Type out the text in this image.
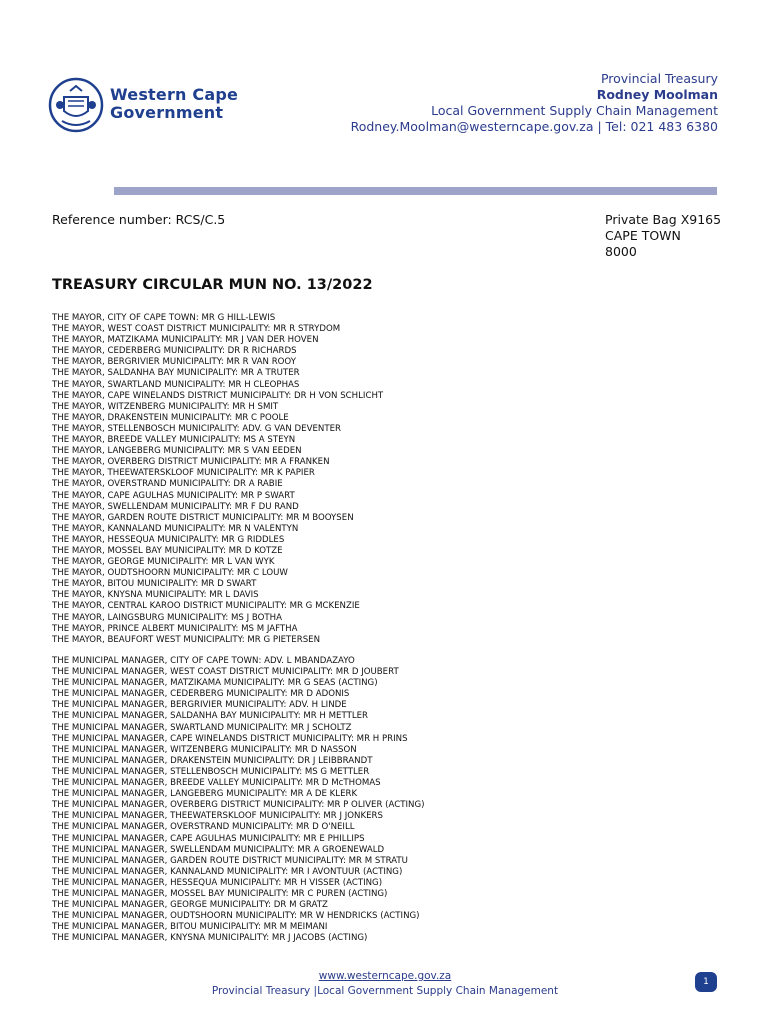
Western Cape
Government
Provincial Treasury
Rodney Moolman
Local Government Supply Chain Management
Rodney.Moolman@westerncape.gov.za | Tel: 021 483 6380
Reference number: RCS/C.5	Private Bag X9165
CAPE TOWN
8000
TREASURY CIRCULAR MUN NO. 13/2022
THE MAYOR, CITY OF CAPE TOWN: MR G HILL-LEWIS
THE MAYOR, WEST COAST DISTRICT MUNICIPALITY: MR R STRYDOM
THE MAYOR, MATZIKAMA MUNICIPALITY: MR J VAN DER HOVEN
THE MAYOR, CEDERBERG MUNICIPALITY: DR R RICHARDS
THE MAYOR, BERGRIVIER MUNICIPALITY: MR R VAN ROOY
THE MAYOR, SALDANHA BAY MUNICIPALITY: MR A TRUTER
THE MAYOR, SWARTLAND MUNICIPALITY: MR H CLEOPHAS
THE MAYOR, CAPE WINELANDS DISTRICT MUNICIPALITY: DR H VON SCHLICHT
THE MAYOR, WITZENBERG MUNICIPALITY: MR H SMIT
THE MAYOR, DRAKENSTEIN MUNICIPALITY: MR C POOLE
THE MAYOR, STELLENBOSCH MUNICIPALITY: ADV. G VAN DEVENTER
THE MAYOR, BREEDE VALLEY MUNICIPALITY: MS A STEYN
THE MAYOR, LANGEBERG MUNICIPALITY: MR S VAN EEDEN
THE MAYOR, OVERBERG DISTRICT MUNICIPALITY: MR A FRANKEN
THE MAYOR, THEEWATERSKLOOF MUNICIPALITY: MR K PAPIER
THE MAYOR, OVERSTRAND MUNICIPALITY: DR A RABIE
THE MAYOR, CAPE AGULHAS MUNICIPALITY: MR P SWART
THE MAYOR, SWELLENDAM MUNICIPALITY: MR F DU RAND
THE MAYOR, GARDEN ROUTE DISTRICT MUNICIPALITY: MR M BOOYSEN
THE MAYOR, KANNALAND MUNICIPALITY: MR N VALENTYN
THE MAYOR, HESSEQUA MUNICIPALITY: MR G RIDDLES
THE MAYOR, MOSSEL BAY MUNICIPALITY: MR D KOTZE
THE MAYOR, GEORGE MUNICIPALITY: MR L VAN WYK
THE MAYOR, OUDTSHOORN MUNICIPALITY: MR C LOUW
THE MAYOR, BITOU MUNICIPALITY: MR D SWART
THE MAYOR, KNYSNA MUNICIPALITY: MR L DAVIS
THE MAYOR, CENTRAL KAROO DISTRICT MUNICIPALITY: MR G MCKENZIE
THE MAYOR, LAINGSBURG MUNICIPALITY: MS J BOTHA
THE MAYOR, PRINCE ALBERT MUNICIPALITY: MS M JAFTHA
THE MAYOR, BEAUFORT WEST MUNICIPALITY: MR G PIETERSEN
THE MUNICIPAL MANAGER, CITY OF CAPE TOWN: ADV. L MBANDAZAYO
THE MUNICIPAL MANAGER, WEST COAST DISTRICT MUNICIPALITY: MR D JOUBERT
THE MUNICIPAL MANAGER, MATZIKAMA MUNICIPALITY: MR G SEAS (ACTING)
THE MUNICIPAL MANAGER, CEDERBERG MUNICIPALITY: MR D ADONIS
THE MUNICIPAL MANAGER, BERGRIVIER MUNICIPALITY: ADV. H LINDE
THE MUNICIPAL MANAGER, SALDANHA BAY MUNICIPALITY: MR H METTLER
THE MUNICIPAL MANAGER, SWARTLAND MUNICIPALITY: MR J SCHOLTZ
THE MUNICIPAL MANAGER, CAPE WINELANDS DISTRICT MUNICIPALITY: MR H PRINS
THE MUNICIPAL MANAGER, WITZENBERG MUNICIPALITY: MR D NASSON
THE MUNICIPAL MANAGER, DRAKENSTEIN MUNICIPALITY: DR J LEIBBRANDT
THE MUNICIPAL MANAGER, STELLENBOSCH MUNICIPALITY: MS G METTLER
THE MUNICIPAL MANAGER, BREEDE VALLEY MUNICIPALITY: MR D McTHOMAS
THE MUNICIPAL MANAGER, LANGEBERG MUNICIPALITY: MR A DE KLERK
THE MUNICIPAL MANAGER, OVERBERG DISTRICT MUNICIPALITY: MR P OLIVER (ACTING)
THE MUNICIPAL MANAGER, THEEWATERSKLOOF MUNICIPALITY: MR J JONKERS
THE MUNICIPAL MANAGER, OVERSTRAND MUNICIPALITY: MR D O'NEILL
THE MUNICIPAL MANAGER, CAPE AGULHAS MUNICIPALITY: MR E PHILLIPS
THE MUNICIPAL MANAGER, SWELLENDAM MUNICIPALITY: MR A GROENEWALD
THE MUNICIPAL MANAGER, GARDEN ROUTE DISTRICT MUNICIPALITY: MR M STRATU
THE MUNICIPAL MANAGER, KANNALAND MUNICIPALITY: MR I AVONTUUR (ACTING)
THE MUNICIPAL MANAGER, HESSEQUA MUNICIPALITY: MR H VISSER (ACTING)
THE MUNICIPAL MANAGER, MOSSEL BAY MUNICIPALITY: MR C PUREN (ACTING)
THE MUNICIPAL MANAGER, GEORGE MUNICIPALITY: DR M GRATZ
THE MUNICIPAL MANAGER, OUDTSHOORN MUNICIPALITY: MR W HENDRICKS (ACTING)
THE MUNICIPAL MANAGER, BITOU MUNICIPALITY: MR M MEIMANI
THE MUNICIPAL MANAGER, KNYSNA MUNICIPALITY: MR J JACOBS (ACTING)
www.westerncape.gov.za
Provincial Treasury |Local Government Supply Chain Management
1
